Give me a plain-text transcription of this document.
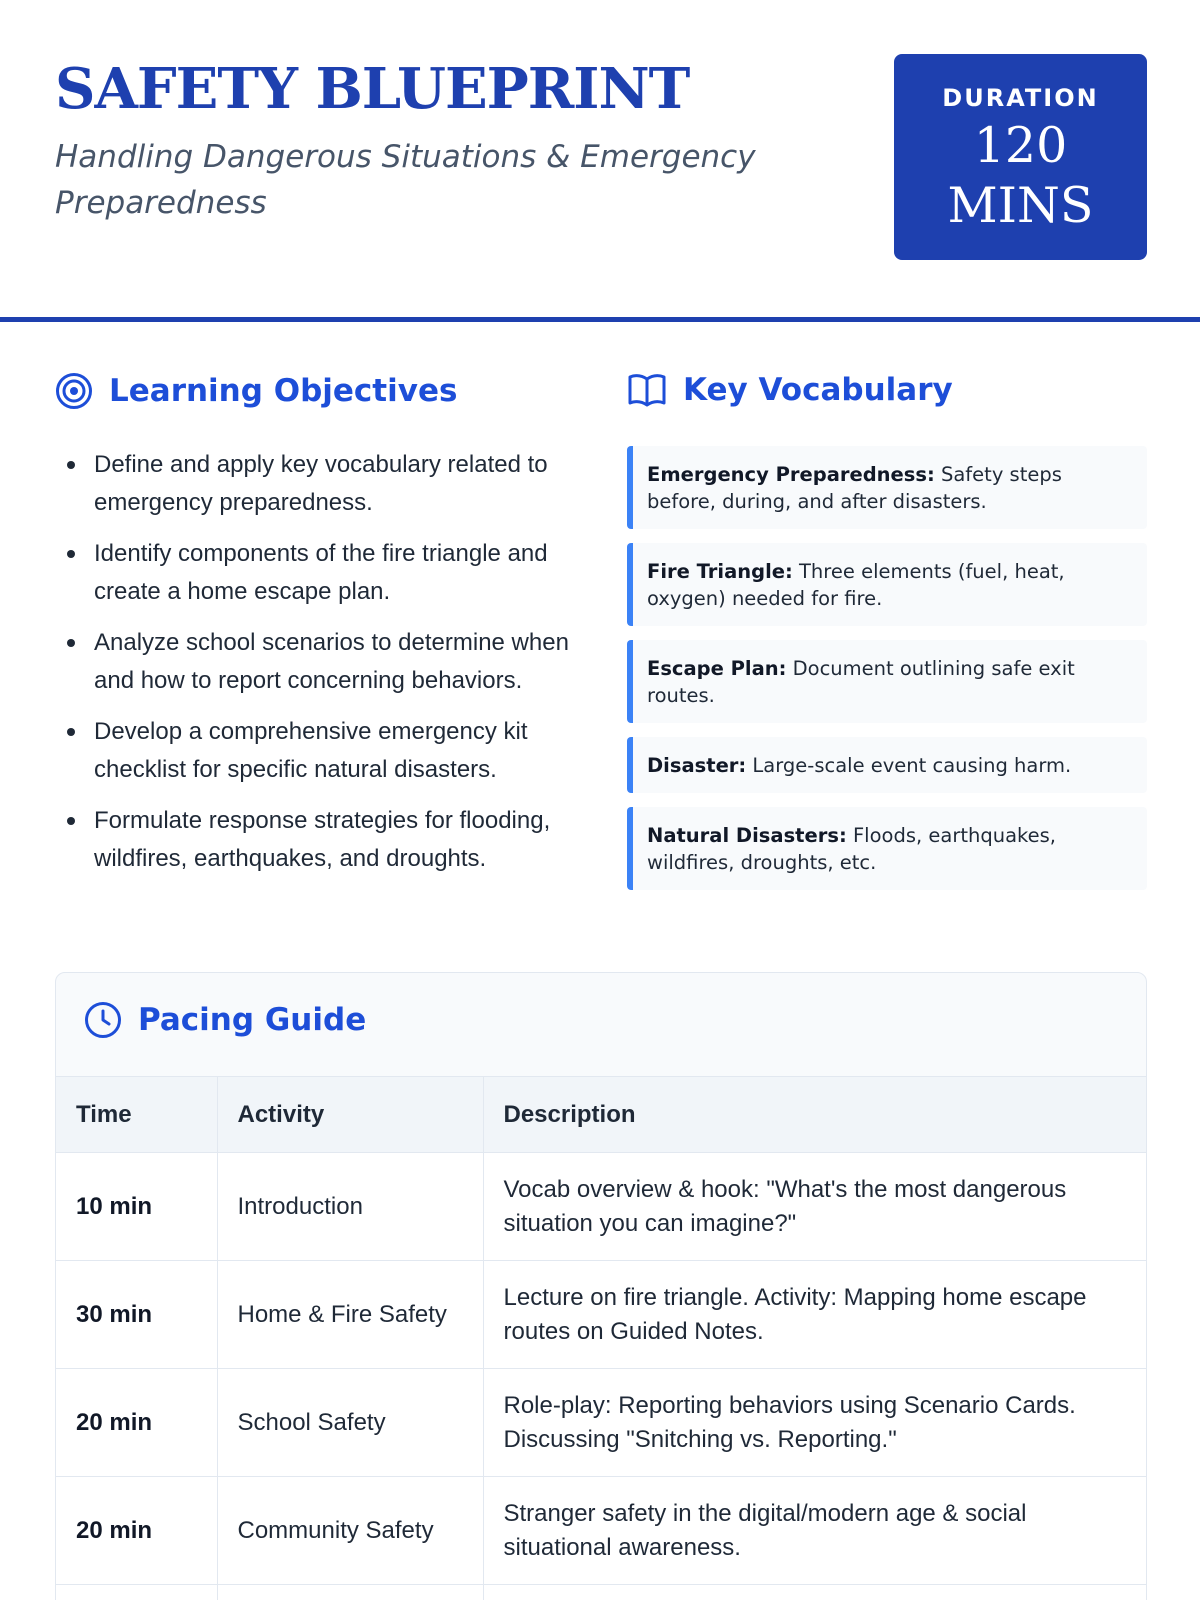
SAFETY BLUEPRINT

Handling Dangerous Situations & Emergency Preparedness

DURATION
120 MINS
Learning Objectives
Define and apply key vocabulary related to emergency preparedness.
Identify components of the fire triangle and create a home escape plan.
Analyze school scenarios to determine when and how to report concerning behaviors.
Develop a comprehensive emergency kit checklist for specific natural disasters.
Formulate response strategies for flooding, wildfires, earthquakes, and droughts.
Key Vocabulary
Emergency Preparedness: Safety steps before, during, and after disasters.
Fire Triangle: Three elements (fuel, heat, oxygen) needed for fire.
Escape Plan: Document outlining safe exit routes.
Disaster: Large-scale event causing harm.
Natural Disasters: Floods, earthquakes, wildfires, droughts, etc.
Pacing Guide
Time	Activity	Description
10 min	Introduction	Vocab overview & hook: "What's the most dangerous situation you can imagine?"
30 min	Home & Fire Safety	Lecture on fire triangle. Activity: Mapping home escape routes on Guided Notes.
20 min	School Safety	Role-play: Reporting behaviors using Scenario Cards. Discussing "Snitching vs. Reporting."
20 min	Community Safety	Stranger safety in the digital/modern age & social situational awareness.
